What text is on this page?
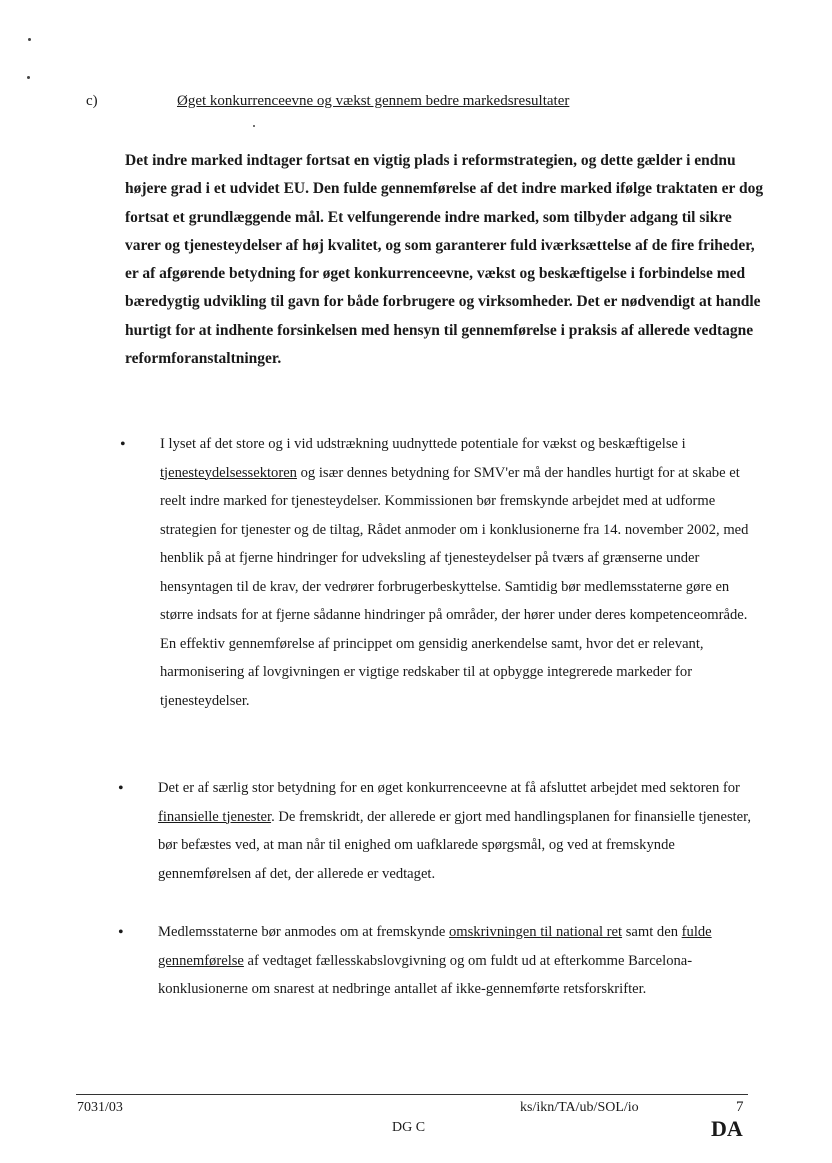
c)	Øget konkurrenceevne og vækst gennem bedre markedsresultater
Det indre marked indtager fortsat en vigtig plads i reformstrategien, og dette gælder i endnu højere grad i et udvidet EU. Den fulde gennemførelse af det indre marked ifølge traktaten er dog fortsat et grundlæggende mål. Et velfungerende indre marked, som tilbyder adgang til sikre varer og tjenesteydelser af høj kvalitet, og som garanterer fuld iværksættelse af de fire friheder, er af afgørende betydning for øget konkurrenceevne, vækst og beskæftigelse i forbindelse med bæredygtig udvikling til gavn for både forbrugere og virksomheder. Det er nødvendigt at handle hurtigt for at indhente forsinkelsen med hensyn til gennemførelse i praksis af allerede vedtagne reformforanstaltninger.
• I lyset af det store og i vid udstrækning uudnyttede potentiale for vækst og beskæftigelse i tjenesteydelsessektoren og især dennes betydning for SMV'er må der handles hurtigt for at skabe et reelt indre marked for tjenesteydelser. Kommissionen bør fremskynde arbejdet med at udforme strategien for tjenester og de tiltag, Rådet anmoder om i konklusionerne fra 14. november 2002, med henblik på at fjerne hindringer for udveksling af tjenesteydelser på tværs af grænserne under hensyntagen til de krav, der vedrører forbrugerbeskyttelse. Samtidig bør medlemsstaterne gøre en større indsats for at fjerne sådanne hindringer på områder, der hører under deres kompetenceområde. En effektiv gennemførelse af princippet om gensidig anerkendelse samt, hvor det er relevant, harmonisering af lovgivningen er vigtige redskaber til at opbygge integrerede markeder for tjenesteydelser.
• Det er af særlig stor betydning for en øget konkurrenceevne at få afsluttet arbejdet med sektoren for finansielle tjenester. De fremskridt, der allerede er gjort med handlingsplanen for finansielle tjenester, bør befæstes ved, at man når til enighed om uafklarede spørgsmål, og ved at fremskynde gennemførelsen af det, der allerede er vedtaget.
• Medlemsstaterne bør anmodes om at fremskynde omskrivningen til national ret samt den fulde gennemførelse af vedtaget fællesskabslovgivning og om fuldt ud at efterkomme Barcelona-konklusionerne om snarest at nedbringe antallet af ikke-gennemførte retsforskrifter.
7031/03	ks/ikn/TA/ub/SOL/io	7
DG C	DA
